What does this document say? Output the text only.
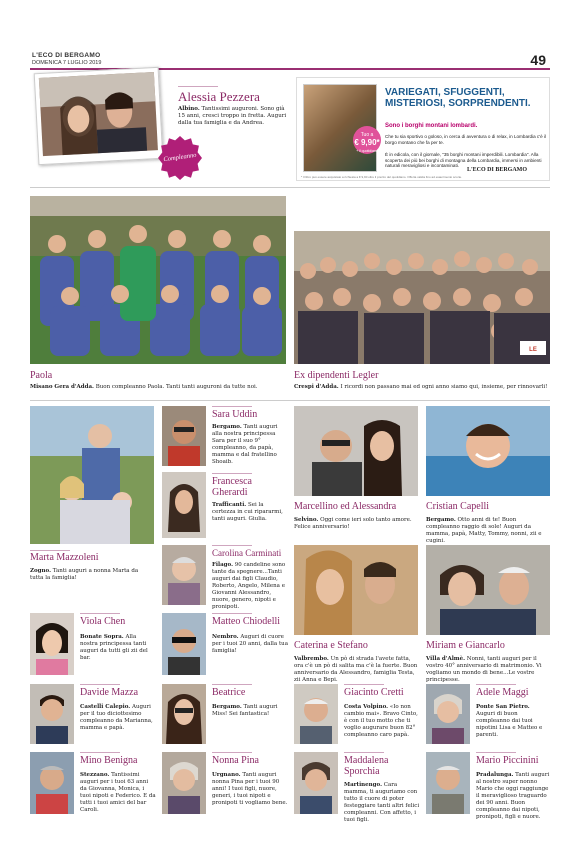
L'ECO DI BERGAMO
DOMENICA 7 LUGLIO 2019	49
Compleanno
Alessia Pezzera
Albino. Tantissimi auguroni. Sono già 15 anni, cresci troppo in fretta. Auguri dalla tua famiglia e da Andrea.
Tuo a
€ 9,90*
+ il quotidiano
VARIEGATI, SFUGGENTI, MISTERIOSI, SORPRENDENTI.
Sono i borghi montani lombardi.
Che tu sia sportivo o goloso, in cerca di avventura o di relax, in Lombardia c'è il borgo montano che fa per te.
È in edicola, con il giornale, "35 borghi montani imperdibili. Lombardia". Alla scoperta dei più bei borghi di montagna della Lombardia, immersi in ambienti naturali meravigliosi e incontaminati.
L'ECO DI BERGAMO
* Il libro può essere acquistato a richiesta a € 9,90 oltre il prezzo del quotidiano. Offerta valida fino ad esaurimento scorte.
Paola
Misano Gera d'Adda. Buon compleanno Paola. Tanti tanti auguroni da tutte noi.
LE
Ex dipendenti Legler
Crespi d'Adda. I ricordi non passano mai ed ogni anno siamo qui, insieme, per rinnovarli!
Marta Mazzoleni
Zogno. Tanti auguri a nonna Marta da tutta la famiglia!
Sara Uddin
Bergamo. Tanti auguri alla nostra principessa Sara per il suo 9° compleanno, da papà, mamma e dal fratellino Shoaib.
Francesca Gherardi
Trafficanti. Sei la certezza in cui ripararmi, tanti auguri. Giulia.
Carolina Carminati
Filago. 90 candeline sono tante da spegnere...Tanti auguri dai figli Claudio, Roberto, Angelo, Milena e Giovanni Alessandro, nuore, genero, nipoti e pronipoti.
Marcellino ed Alessandra
Selvino. Oggi come ieri solo tanto amore. Felice anniversario!
Cristian Capelli
Bergamo. Otto anni di te! Buon compleanno raggio di sole! Auguri da mamma, papà, Matty, Tommy, nonni, zii e cugini.
Caterina e Stefano
Valbrembo. Un pò di strada l'avete fatta, ora c'è un pò di salita ma c'è la fuerte. Buon anniversario da Alessandro, famiglia Testa, zii Anna e Bepi.
Miriam e Giancarlo
Villa d'Almè. Nonni, tanti auguri per il vostro 40° anniversario di matrimonio. Vi vogliamo un mondo di bene...Le vostre principesse.
Viola Chen
Bonate Sopra. Alla nostra principessa tanti auguri da tutti gli zii del bar.
Matteo Chiodelli
Nembro. Auguri di cuore per i tuoi 20 anni, dalla tua famiglia!
Davide Mazza
Castelli Calepio. Auguri per il tuo diciottesimo compleanno da Marianna, mamma e papà.
Beatrice
Bergamo. Tanti auguri Miss! Sei fantastica!
Giacinto Cretti
Costa Volpino. «Io non cambio mai». Bravo Cinto, è con il tuo motto che ti voglio augurare buon 82° compleanno caro papà.
Adele Maggi
Ponte San Pietro. Auguri di buon compleanno dai tuoi nipotini Lisa e Matteo e parenti.
Mino Benigna
Stezzano. Tantissimi auguri per i tuoi 63 anni da Giovanna, Monica, i tuoi nipoti e Federico. E da tutti i tuoi amici del bar Caroli.
Nonna Pina
Urgnano. Tanti auguri nonna Pina per i tuoi 90 anni! I tuoi figli, nuore, generi, i tuoi nipoti e pronipoti ti vogliamo bene.
Maddalena Sporchia
Martinengo. Cara mamma, ti auguriamo con tutto il cuore di poter festeggiare tanti altri felici compleanni. Con affetto, i tuoi figli.
Mario Piccinini
Pradalunga. Tanti auguri al nostro super nonno Mario che oggi raggiunge il meraviglioso traguardo dei 90 anni. Buon compleanno dai nipoti, pronipoti, figli e nuore.
